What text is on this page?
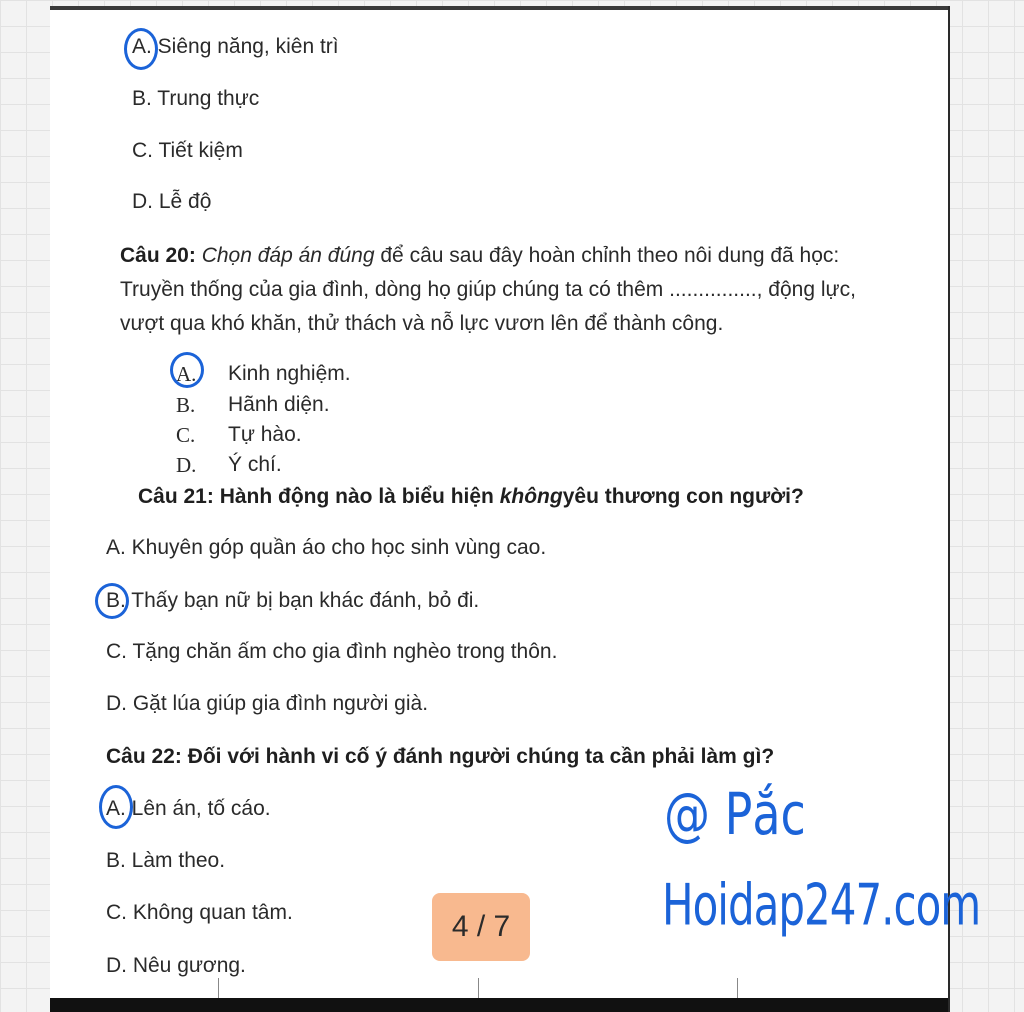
A. Siêng năng, kiên trì
B. Trung thực
C. Tiết kiệm
D. Lễ độ
Câu 20: Chọn đáp án đúng để câu sau đây hoàn chỉnh theo nôi dung đã học:
Truyền thống của gia đình, dòng họ giúp chúng ta có thêm ..............., động lực,
vượt qua khó khăn, thử thách và nỗ lực vươn lên để thành công.
A. Kinh nghiệm.
B. Hãnh diện.
C. Tự hào.
D. Ý chí.
Câu 21: Hành động nào là biểu hiện khôngyêu thương con người?
A. Khuyên góp quần áo cho học sinh vùng cao.
B. Thấy bạn nữ bị bạn khác đánh, bỏ đi.
C. Tặng chăn ấm cho gia đình nghèo trong thôn.
D. Gặt lúa giúp gia đình người già.
Câu 22: Đối với hành vi cố ý đánh người chúng ta cần phải làm gì?
A. Lên án, tố cáo.
B. Làm theo.
C. Không quan tâm.
D. Nêu gương.
4 / 7
@ Pắc
Hoidap247.com
